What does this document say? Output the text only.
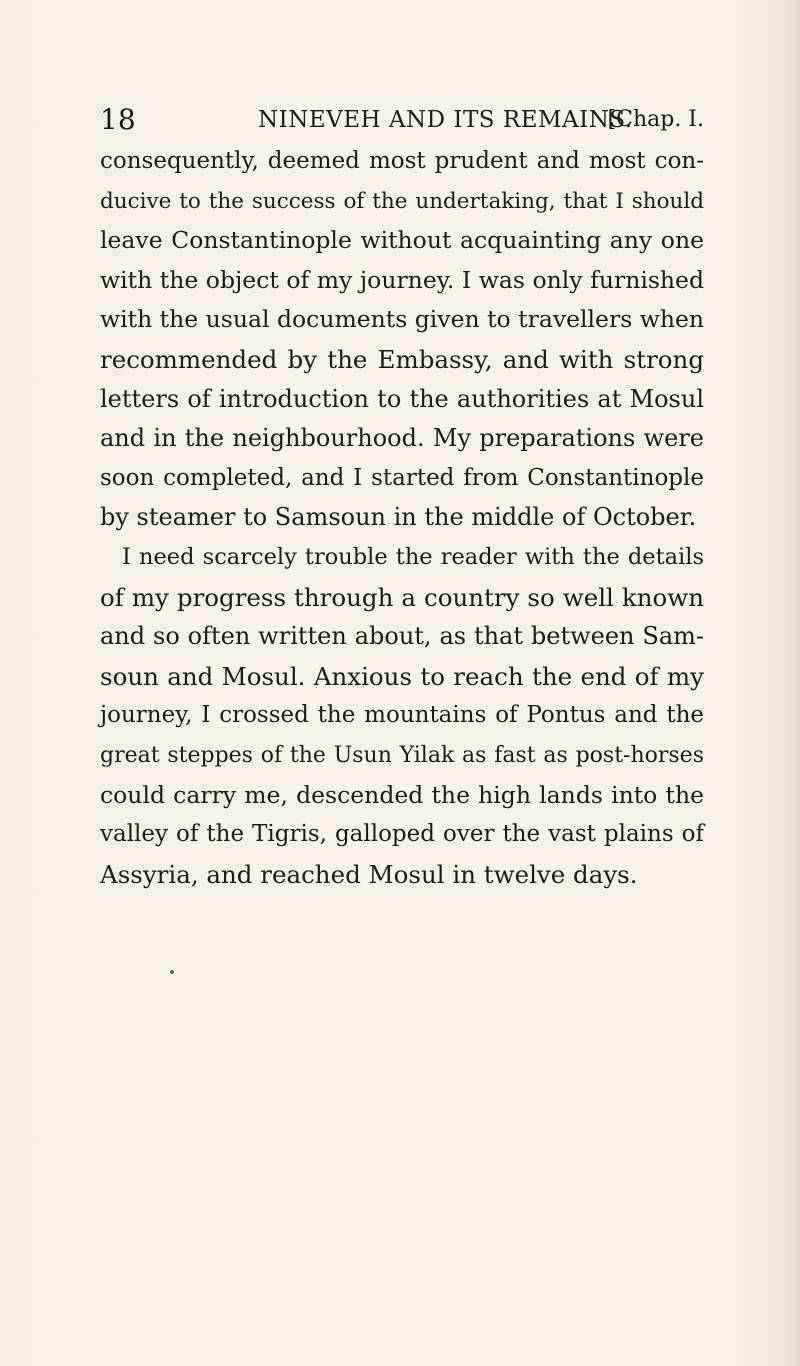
18	NINEVEH AND ITS REMAINS.
[Chap. I.
consequently, deemed most prudent and most con-
ducive to the success of the undertaking, that I should
leave Constantinople without acquainting any one
with the object of my journey. I was only furnished
with the usual documents given to travellers when
recommended by the Embassy, and with strong
letters of introduction to the authorities at Mosul
and in the neighbourhood. My preparations were
soon completed, and I started from Constantinople
by steamer to Samsoun in the middle of October.
I need scarcely trouble the reader with the details
of my progress through a country so well known
and so often written about, as that between Sam-
soun and Mosul. Anxious to reach the end of my
journey, I crossed the mountains of Pontus and the
great steppes of the Usun Yilak as fast as post-horses
could carry me, descended the high lands into the
valley of the Tigris, galloped over the vast plains of
Assyria, and reached Mosul in twelve days.
